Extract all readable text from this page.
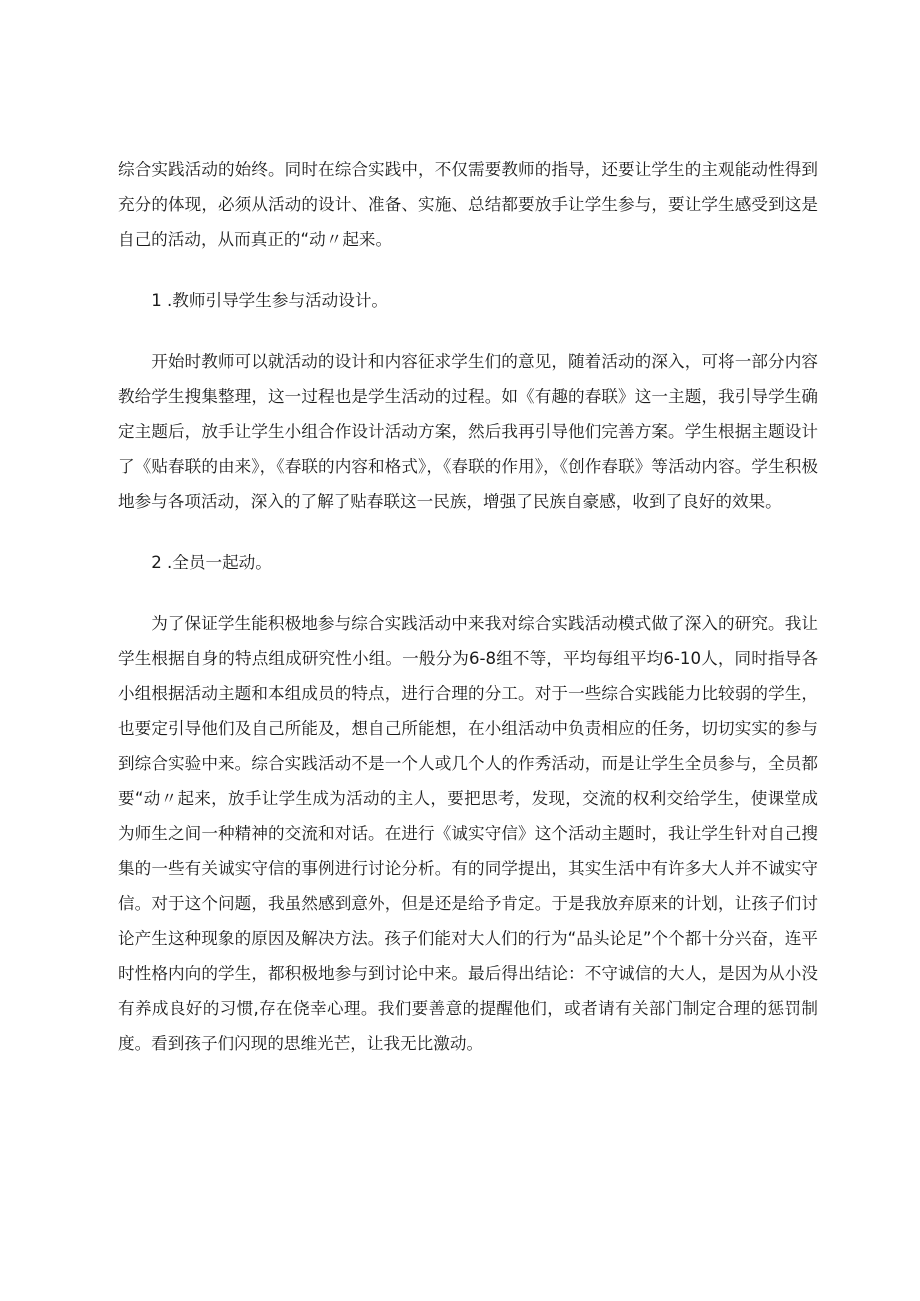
综合实践活动的始终。同时在综合实践中，不仅需要教师的指导，还要让学生的主观能动性得到充分的体现，必须从活动的设计、准备、实施、总结都要放手让学生参与，要让学生感受到这是自己的活动，从而真正的“动〃起来。

1 .教师引导学生参与活动设计。

开始时教师可以就活动的设计和内容征求学生们的意见，随着活动的深入，可将一部分内容教给学生搜集整理，这一过程也是学生活动的过程。如《有趣的春联》这一主题，我引导学生确定主题后，放手让学生小组合作设计活动方案，然后我再引导他们完善方案。学生根据主题设计了《贴春联的由来》，《春联的内容和格式》，《春联的作用》，《创作春联》等活动内容。学生积极地参与各项活动，深入的了解了贴春联这一民族，增强了民族自豪感，收到了良好的效果。

2 .全员一起动。

为了保证学生能积极地参与综合实践活动中来我对综合实践活动模式做了深入的研究。我让学生根据自身的特点组成研究性小组。一般分为6-8组不等，平均每组平均6-10人，同时指导各小组根据活动主题和本组成员的特点，进行合理的分工。对于一些综合实践能力比较弱的学生，也要定引导他们及自己所能及，想自己所能想，在小组活动中负责相应的任务，切切实实的参与到综合实验中来。综合实践活动不是一个人或几个人的作秀活动，而是让学生全员参与，全员都要“动〃起来，放手让学生成为活动的主人，要把思考，发现，交流的权利交给学生，使课堂成为师生之间一种精神的交流和对话。在进行《诚实守信》这个活动主题时，我让学生针对自己搜集的一些有关诚实守信的事例进行讨论分析。有的同学提出，其实生活中有许多大人并不诚实守信。对于这个问题，我虽然感到意外，但是还是给予肯定。于是我放弃原来的计划，让孩子们讨论产生这种现象的原因及解决方法。孩子们能对大人们的行为“品头论足”个个都十分兴奋，连平时性格内向的学生，都积极地参与到讨论中来。最后得出结论：不守诚信的大人，是因为从小没有养成良好的习惯,存在侥幸心理。我们要善意的提醒他们，或者请有关部门制定合理的惩罚制度。看到孩子们闪现的思维光芒，让我无比激动。
